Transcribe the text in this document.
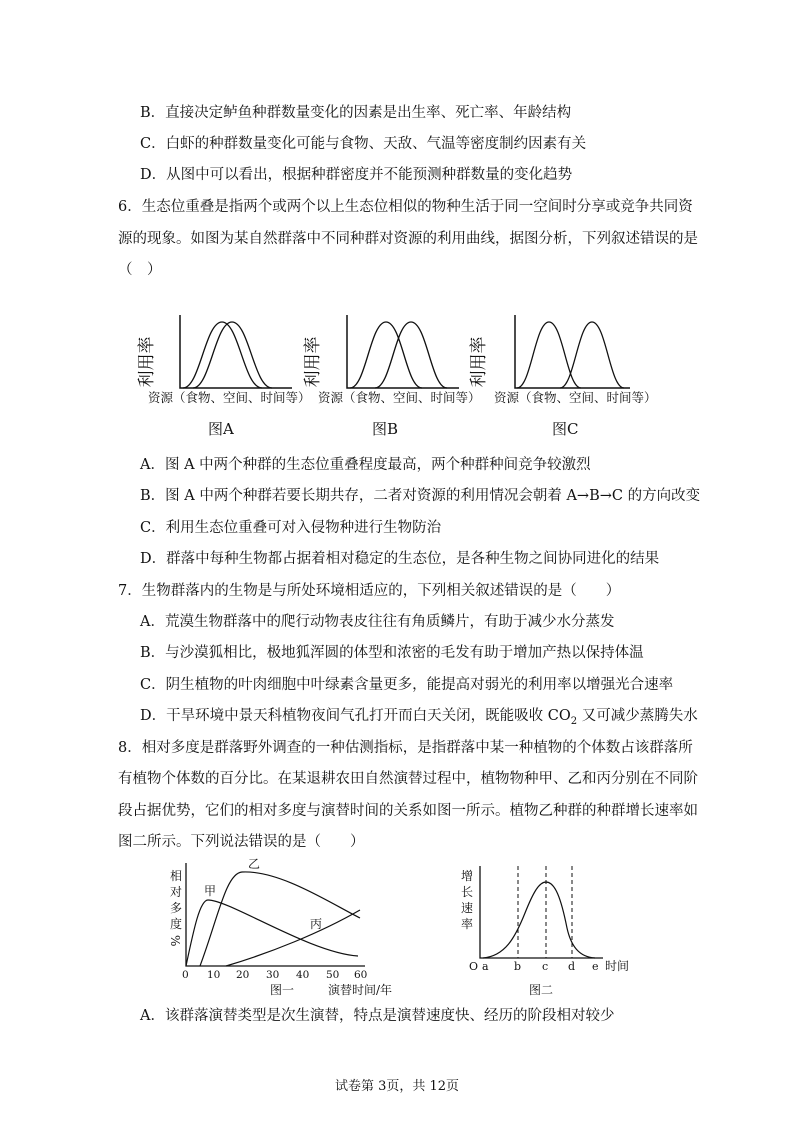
B．直接决定鲈鱼种群数量变化的因素是出生率、死亡率、年龄结构
C．白虾的种群数量变化可能与食物、天敌、气温等密度制约因素有关
D．从图中可以看出，根据种群密度并不能预测种群数量的变化趋势
6．生态位重叠是指两个或两个以上生态位相似的物种生活于同一空间时分享或竞争共同资
源的现象。如图为某自然群落中不同种群对资源的利用曲线，据图分析，下列叙述错误的是
（　）
利用率
资源（食物、空间、时间等）
图A
利用率
资源（食物、空间、时间等）
图B
利用率
资源（食物、空间、时间等）
图C
A．图 A 中两个种群的生态位重叠程度最高，两个种群种间竞争较激烈
B．图 A 中两个种群若要长期共存，二者对资源的利用情况会朝着 A→B→C 的方向改变
C．利用生态位重叠可对入侵物种进行生物防治
D．群落中每种生物都占据着相对稳定的生态位，是各种生物之间协同进化的结果
7．生物群落内的生物是与所处环境相适应的，下列相关叙述错误的是（　　）
A．荒漠生物群落中的爬行动物表皮往往有角质鳞片，有助于减少水分蒸发
B．与沙漠狐相比，极地狐浑圆的体型和浓密的毛发有助于增加产热以保持体温
C．阴生植物的叶肉细胞中叶绿素含量更多，能提高对弱光的利用率以增强光合速率
D．干旱环境中景天科植物夜间气孔打开而白天关闭，既能吸收 $CO_2$ 又可减少蒸腾失水
8．相对多度是群落野外调查的一种估测指标，是指群落中某一种植物的个体数占该群落所
有植物个体数的百分比。在某退耕农田自然演替过程中，植物物种甲、乙和丙分别在不同阶
段占据优势，它们的相对多度与演替时间的关系如图一所示。植物乙种群的种群增长速率如
图二所示。下列说法错误的是（　　）
相
对
多
度
%
甲
乙
丙
0 10 20 30 40 50 60
图一	演替时间/年
增
长
速
率
O a b c d e 时间
图二
A．该群落演替类型是次生演替，特点是演替速度快、经历的阶段相对较少
试卷第 3页，共 12页
